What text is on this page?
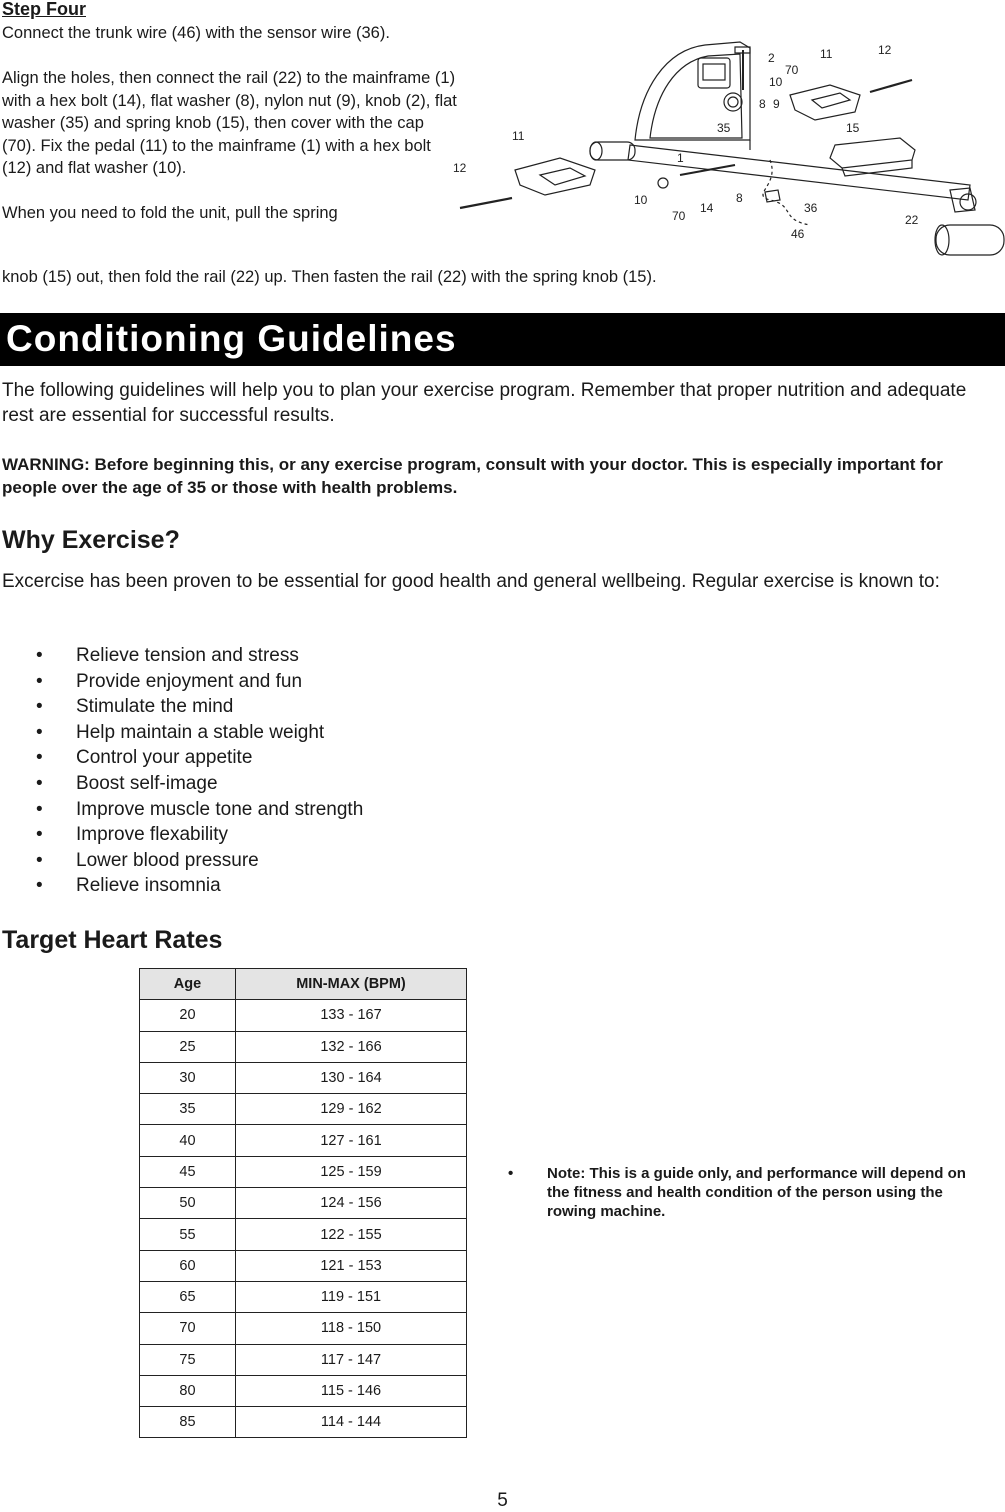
Step Four

Connect the trunk wire (46) with the sensor wire (36).

Align the holes, then connect the rail (22) to the mainframe (1) with a hex bolt (14), flat washer (8), nylon nut (9), knob (2), flat washer (35) and spring knob (15), then cover with the cap (70). Fix the pedal (11) to the mainframe (1) with a hex bolt (12) and flat washer (10).

When you need to fold the unit, pull the spring

knob (15) out, then fold the rail (22) up. Then fasten the rail (22) with the spring knob (15).
2	11	12
70
10
8 9
35	15
11
1
12
10
70
14
8
36
22
46
Conditioning Guidelines
The following guidelines will help you to plan your exercise program. Remember that proper nutrition and adequate rest are essential for successful results.
WARNING: Before beginning this, or any exercise program, consult with your doctor. This is especially important for people over the age of 35 or those with health problems.
Why Exercise?
Excercise has been proven to be essential for good health and general wellbeing. Regular exercise is known to:
• Relieve tension and stress
• Provide enjoyment and fun
• Stimulate the mind
• Help maintain a stable weight
• Control your appetite
• Boost self-image
• Improve muscle tone and strength
• Improve flexability
• Lower blood pressure
• Relieve insomnia
Target Heart Rates
Age	MIN-MAX (BPM)
20	133 - 167
25	132 - 166
30	130 - 164
35	129 - 162
40	127 - 161
45	125 - 159
50	124 - 156
55	122 - 155
60	121 - 153
65	119 - 151
70	118 - 150
75	117 - 147
80	115 - 146
85	114 - 144
• Note: This is a guide only, and performance will depend on    the fitness and health condition of the person using the rowing machine.
5
